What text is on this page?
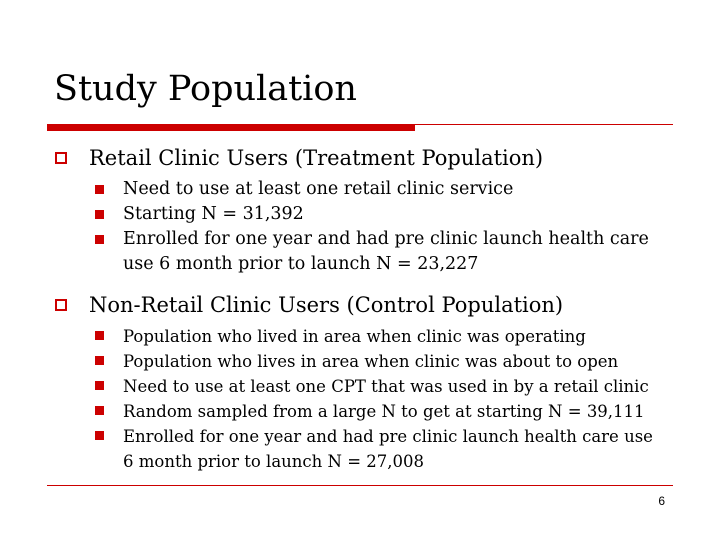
Study Population
Retail Clinic Users (Treatment Population)
Need to use at least one retail clinic service
Starting N = 31,392
Enrolled for one year and had pre clinic launch health care use 6 month prior to launch N = 23,227
Non-Retail Clinic Users (Control Population)
Population who lived in area when clinic was operating
Population who lives in area when clinic was about to open
Need to use at least one CPT that was used in by a retail clinic
Random sampled from a large N to get at starting N = 39,111
Enrolled for one year and had pre clinic launch health care use 6 month prior to launch N = 27,008
6
